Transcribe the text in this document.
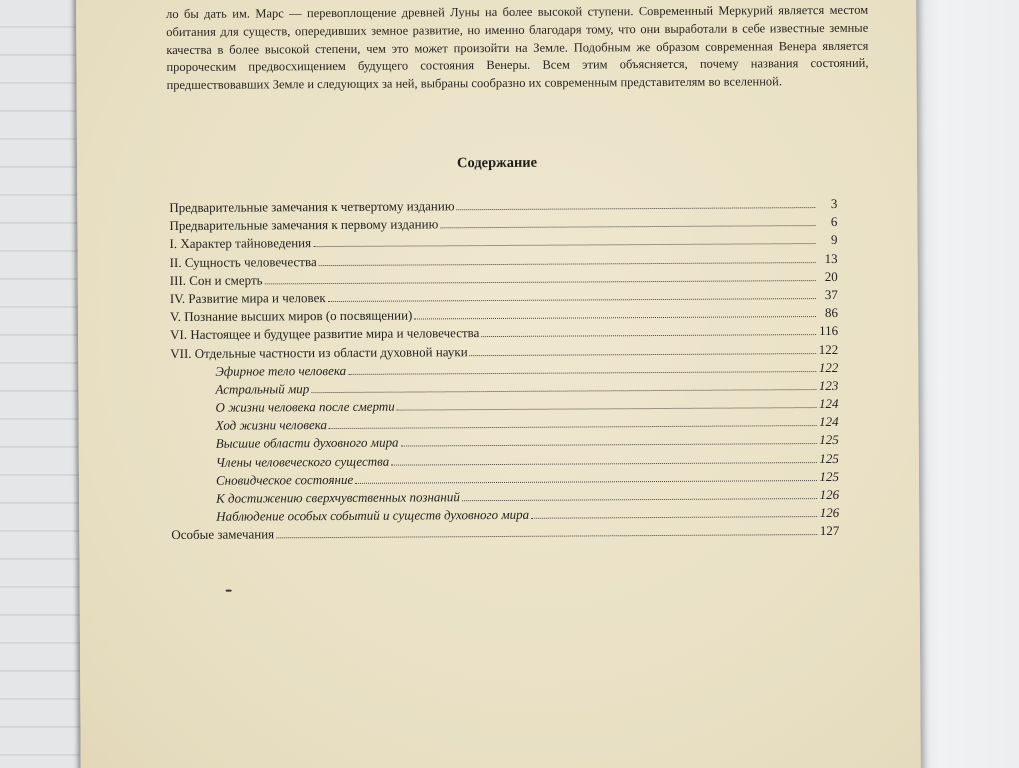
ло бы дать им. Марс — перевоплощение древней Луны на более высокой ступени. Современный Меркурий является местом обитания для существ, опередивших земное развитие, но именно благодаря тому, что они выработали в себе известные земные качества в более высокой степени, чем это может произойти на Земле. Подобным же образом современная Венера является пророческим предвосхищением будущего состояния Венеры. Всем этим объясняется, почему названия состояний, предшествовавших Земле и следующих за ней, выбраны сообразно их современным представителям во вселенной.

Содержание
Предварительные замечания к четвертому изданию	3
Предварительные замечания к первому изданию	6
I. Характер тайноведения	9
II. Сущность человечества	13
III. Сон и смерть	20
IV. Развитие мира и человек	37
V. Познание высших миров (о посвящении)	86
VI. Настоящее и будущее развитие мира и человечества	116
VII. Отдельные частности из области духовной науки	122
Эфирное тело человека	122
Астральный мир	123
О жизни человека после смерти	124
Ход жизни человека	124
Высшие области духовного мира	125
Члены человеческого существа	125
Сновидческое состояние	125
К достижению сверхчувственных познаний	126
Наблюдение особых событий и существ духовного мира	126
Особые замечания	127
